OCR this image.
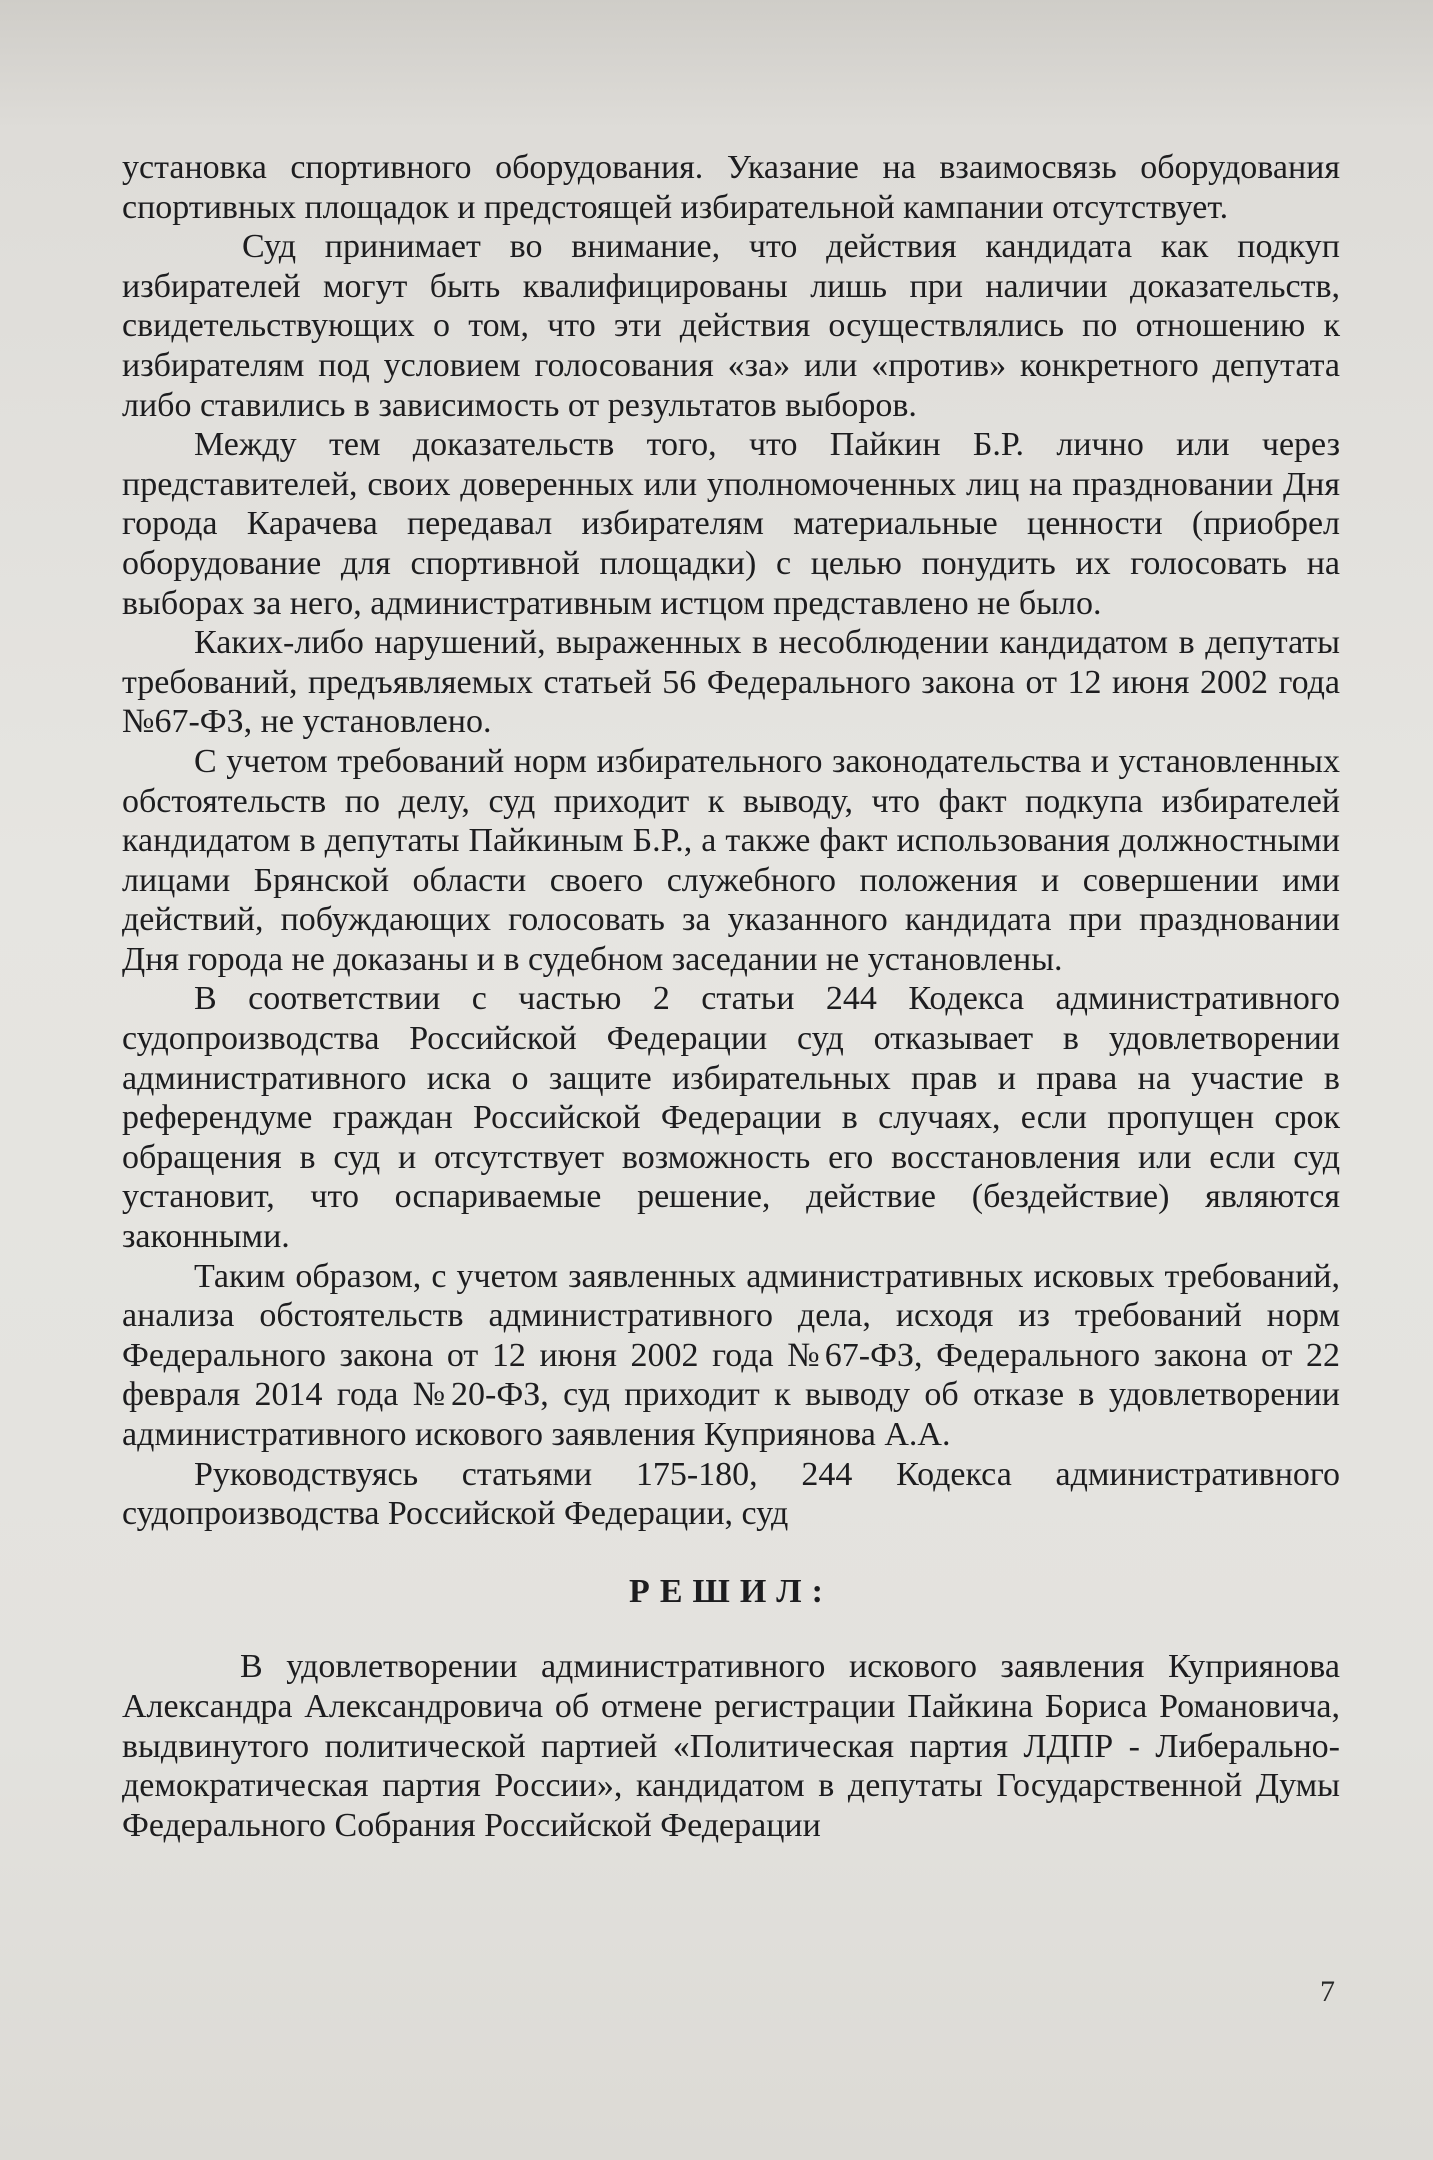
установка спортивного оборудования. Указание на взаимосвязь оборудования спортивных площадок и предстоящей избирательной кампании отсутствует.

Суд принимает во внимание, что действия кандидата как подкуп избирателей могут быть квалифицированы лишь при наличии доказательств, свидетельствующих о том, что эти действия осуществлялись по отношению к избирателям под условием голосования «за» или «против» конкретного депутата либо ставились в зависимость от результатов выборов.

Между тем доказательств того, что Пайкин Б.Р. лично или через представителей, своих доверенных или уполномоченных лиц на праздновании Дня города Карачева передавал избирателям материальные ценности (приобрел оборудование для спортивной площадки) с целью понудить их голосовать на выборах за него, административным истцом представлено не было.

Каких-либо нарушений, выраженных в несоблюдении кандидатом в депутаты требований, предъявляемых статьей 56 Федерального закона от 12 июня 2002 года №67-ФЗ, не установлено.

С учетом требований норм избирательного законодательства и установленных обстоятельств по делу, суд приходит к выводу, что факт подкупа избирателей кандидатом в депутаты Пайкиным Б.Р., а также факт использования должностными лицами Брянской области своего служебного положения и совершении ими действий, побуждающих голосовать за указанного кандидата при праздновании Дня города не доказаны и в судебном заседании не установлены.

В соответствии с частью 2 статьи 244 Кодекса административного судопроизводства Российской Федерации суд отказывает в удовлетворении административного иска о защите избирательных прав и права на участие в референдуме граждан Российской Федерации в случаях, если пропущен срок обращения в суд и отсутствует возможность его восстановления или если суд установит, что оспариваемые решение, действие (бездействие) являются законными.

Таким образом, с учетом заявленных административных исковых требований, анализа обстоятельств административного дела, исходя из требований норм Федерального закона от 12 июня 2002 года №67-ФЗ, Федерального закона от 22 февраля 2014 года №20-ФЗ, суд приходит к выводу об отказе в удовлетворении административного искового заявления Куприянова А.А.

Руководствуясь статьями 175-180, 244 Кодекса административного судопроизводства Российской Федерации, суд

РЕШИЛ:

В удовлетворении административного искового заявления Куприянова Александра Александровича об отмене регистрации Пайкина Бориса Романовича, выдвинутого политической партией «Политическая партия ЛДПР - Либерально-демократическая партия России», кандидатом в депутаты Государственной Думы Федерального Собрания Российской Федерации

7
